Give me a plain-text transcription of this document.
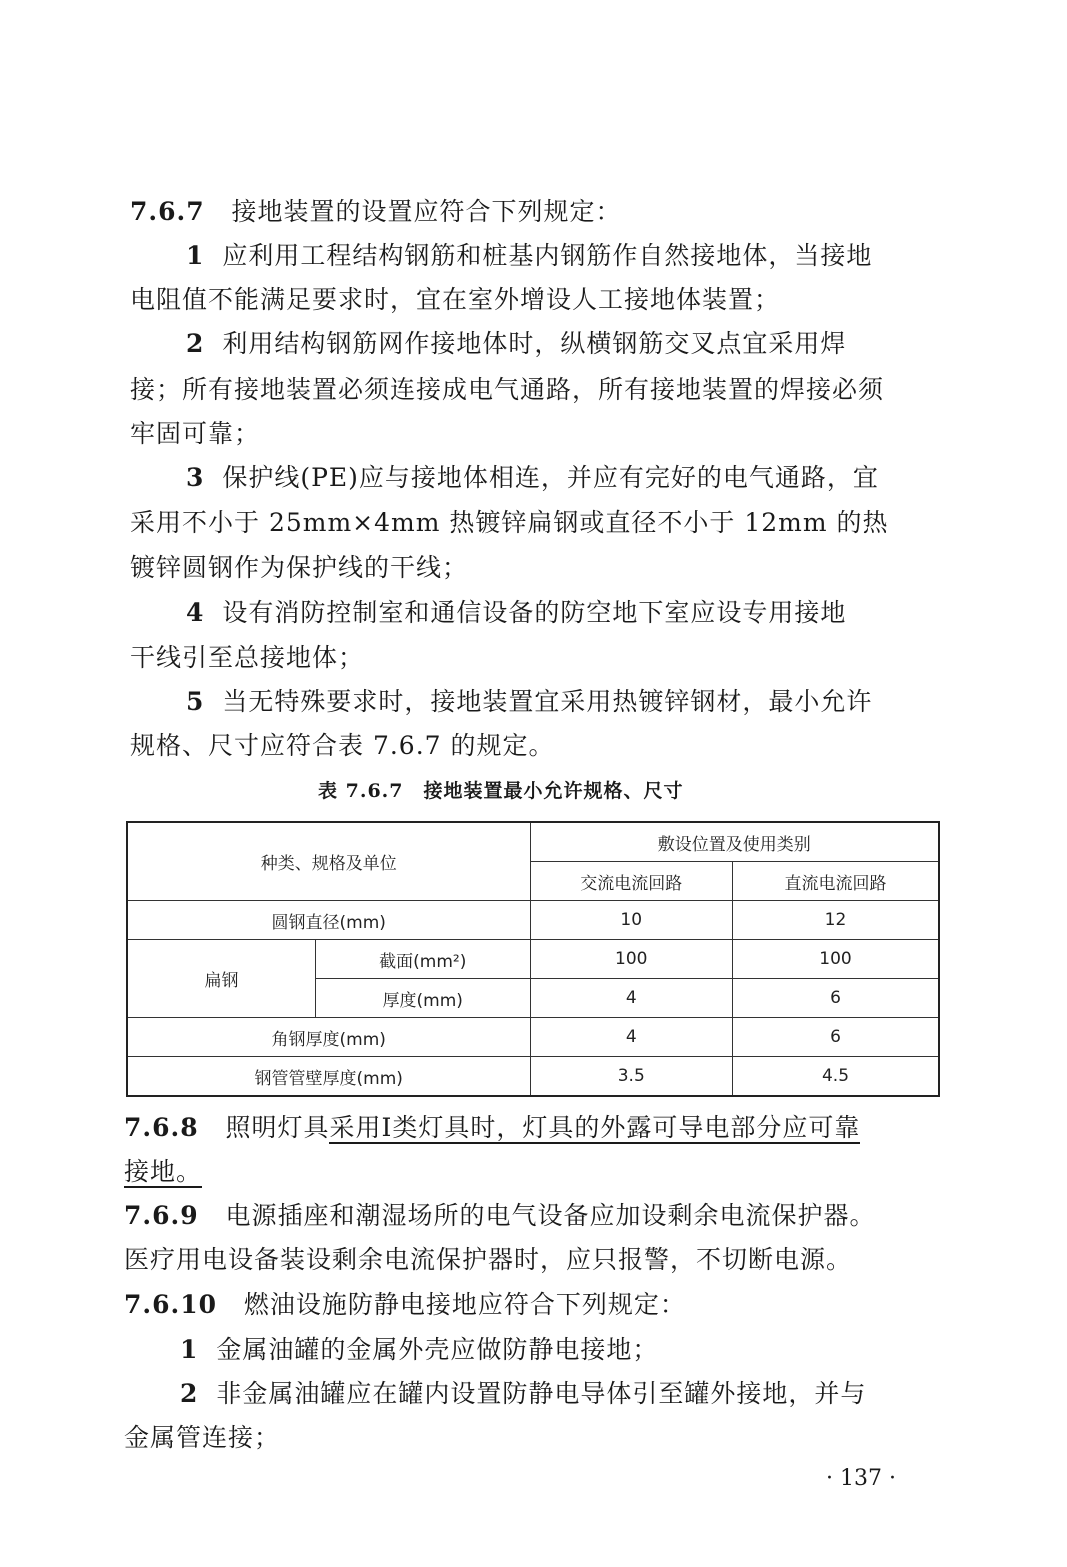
7.6.7 接地装置的设置应符合下列规定：
1 应利用工程结构钢筋和桩基内钢筋作自然接地体，当接地
电阻值不能满足要求时，宜在室外增设人工接地体装置；
2 利用结构钢筋网作接地体时，纵横钢筋交叉点宜采用焊
接；所有接地装置必须连接成电气通路，所有接地装置的焊接必须
牢固可靠；
3 保护线(PE)应与接地体相连，并应有完好的电气通路，宜
采用不小于 25mm×4mm 热镀锌扁钢或直径不小于 12mm 的热
镀锌圆钢作为保护线的干线；
4 设有消防控制室和通信设备的防空地下室应设专用接地
干线引至总接地体；
5 当无特殊要求时，接地装置宜采用热镀锌钢材，最小允许
规格、尺寸应符合表 7.6.7 的规定。
表 7.6.7　接地装置最小允许规格、尺寸
种类、规格及单位		敷设位置及使用类别	
		交流电流回路	直流电流回路
圆钢直径(mm)		10	12
扁钢	截面(mm²)	100	100
	厚度(mm)	4	6
角钢厚度(mm)		4	6
钢管管壁厚度(mm)		3.5	4.5
7.6.8 照明灯具采用Ⅰ类灯具时，灯具的外露可导电部分应可靠
接地。
7.6.9 电源插座和潮湿场所的电气设备应加设剩余电流保护器。
医疗用电设备装设剩余电流保护器时，应只报警，不切断电源。
7.6.10 燃油设施防静电接地应符合下列规定：
1 金属油罐的金属外壳应做防静电接地；
2 非金属油罐应在罐内设置防静电导体引至罐外接地，并与
金属管连接；
· 137 ·
